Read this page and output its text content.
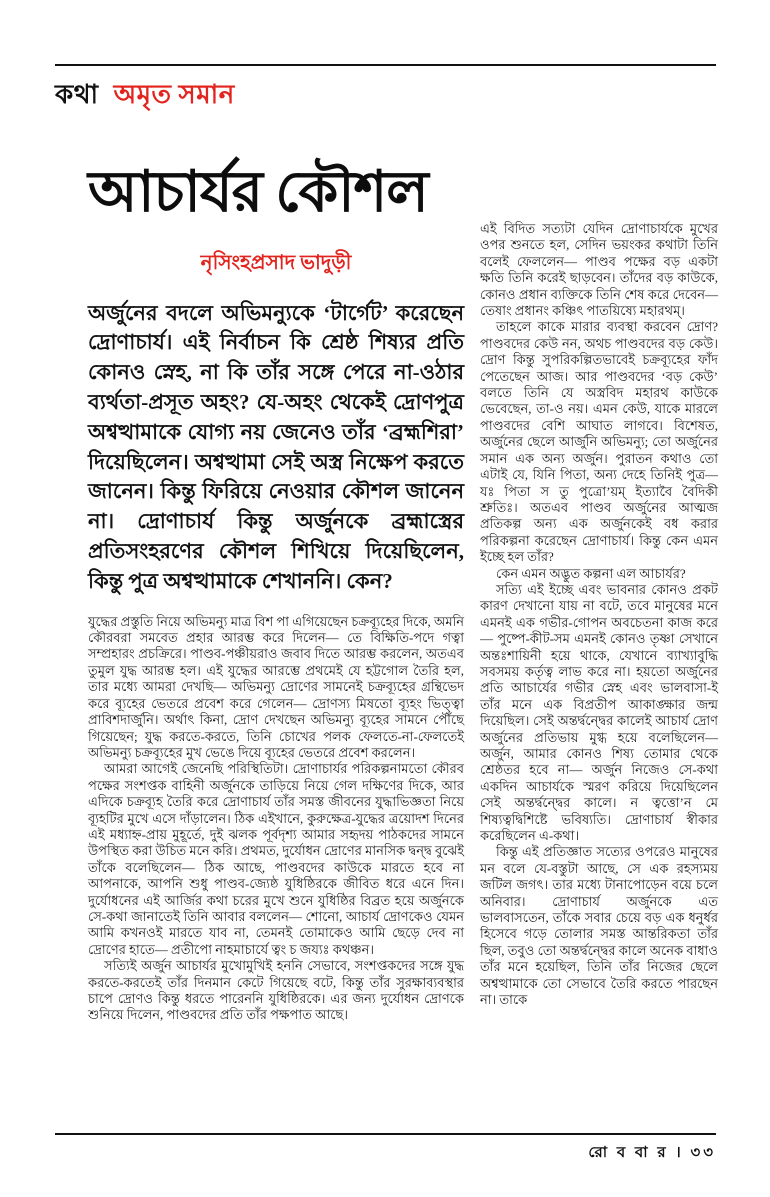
কথা অমৃত সমান
আচার্যর কৌশল
নৃসিংহপ্রসাদ ভাদুড়ী
অর্জুনের বদলে অভিমন্যুকে ‘টার্গেট’ করেছেন দ্রোণাচার্য। এই নির্বাচন কি শ্রেষ্ঠ শিষ্যর প্রতি কোনও স্নেহ, না কি তাঁর সঙ্গে পেরে না-ওঠার ব্যর্থতা-প্রসূত অহং? যে-অহং থেকেই দ্রোণপুত্র অশ্বত্থামাকে যোগ্য নয় জেনেও তাঁর ‘ব্রহ্মশিরা’ দিয়েছিলেন। অশ্বত্থামা সেই অস্ত্র নিক্ষেপ করতে জানেন। কিন্তু ফিরিয়ে নেওয়ার কৌশল জানেন না। দ্রোণাচার্য কিন্তু অর্জুনকে ব্রহ্মাস্ত্রের প্রতিসংহরণের কৌশল শিখিয়ে দিয়েছিলেন, কিন্তু পুত্র অশ্বত্থামাকে শেখাননি। কেন?

যুদ্ধের প্রস্তুতি নিয়ে অভিমন্যু মাত্র বিশ পা এগিয়েছেন চক্রব্যূহের দিকে, অমনি কৌরবরা সমবেত প্রহার আরম্ভ করে দিলেন— তে বিক্ষিতি-পদে গত্বা সম্প্রহারং প্রচক্রিরে। পাণ্ডব-পঞ্চীয়রাও জবাব দিতে আরম্ভ করলেন, অতএব তুমুল যুদ্ধ আরম্ভ হল। এই যুদ্ধের আরম্ভে প্রথমেই যে হট্টগোল তৈরি হল, তার মধ্যে আমরা দেখছি— অভিমন্যু দ্রোণের সামনেই চক্রব্যূহের গ্রন্থিভেদ করে ব্যূহের ভেতরে প্রবেশ করে গেলেন— দ্রোণস্য মিষতো ব্যূহং ভিত্ত্বা প্রাবিশদার্জুনি। অর্থাৎ কিনা, দ্রোণ দেখছেন অভিমন্যু ব্যূহের সামনে পৌঁছে গিয়েছেন; যুদ্ধ করতে-করতে, তিনি চোখের পলক ফেলতে-না-ফেলতেই অভিমন্যু চক্রব্যূহের মুখ ভেঙে দিয়ে ব্যূহের ভেতরে প্রবেশ করলেন।

আমরা আগেই জেনেছি পরিস্থিতিটা। দ্রোণাচার্যর পরিকল্পনামতো কৌরব পক্ষের সংশপ্তক বাহিনী অর্জুনকে তাড়িয়ে নিয়ে গেল দক্ষিণের দিকে, আর এদিকে চক্রব্যূহ তৈরি করে দ্রোণাচার্য তাঁর সমস্ত জীবনের যুদ্ধাভিজ্ঞতা নিয়ে ব্যূহটির মুখে এসে দাঁড়ালেন। ঠিক এইখানে, কুরুক্ষেত্র-যুদ্ধের ত্রয়োদশ দিনের এই মধ্যাহ্ন-প্রায় মুহূর্তে, দুই ঝলক পূর্বদৃশ্য আমার সহৃদয় পাঠকদের সামনে উপস্থিত করা উচিত মনে করি। প্রথমত, দুর্যোধন দ্রোণের মানসিক দ্বন্দ্ব বুঝেই তাঁকে বলেছিলেন— ঠিক আছে, পাণ্ডবদের কাউকে মারতে হবে না আপনাকে, আপনি শুধু পাণ্ডব-জ্যেষ্ঠ যুধিষ্ঠিরকে জীবিত ধরে এনে দিন। দুর্যোধনের এই আর্জির কথা চরের মুখে শুনে যুধিষ্ঠির বিব্রত হয়ে অর্জুনকে সে-কথা জানাতেই তিনি আবার বললেন— শোনো, আচার্য দ্রোণকেও যেমন আমি কখনওই মারতে যাব না, তেমনই তোমাকেও আমি ছেড়ে দেব না দ্রোণের হাতে— প্রতীপো নাহমাচার্যে ত্বং চ জয্যঃ কথঞ্চন।

সত্যিই অর্জুন আচার্যর মুখোমুখিই হননি সেভাবে, সংশপ্তকদের সঙ্গে যুদ্ধ করতে-করতেই তাঁর দিনমান কেটে গিয়েছে বটে, কিন্তু তাঁর সুরক্ষাব্যবস্থার চাপে দ্রোণও কিন্তু ধরতে পারেননি যুধিষ্ঠিরকে। এর জন্য দুর্যোধন দ্রোণকে শুনিয়ে দিলেন, পাণ্ডবদের প্রতি তাঁর পক্ষপাত আছে।

এই বিদিত সত্যটা যেদিন দ্রোণাচার্যকে মুখের ওপর শুনতে হল, সেদিন ভয়ংকর কথাটা তিনি বলেই ফেললেন— পাণ্ডব পক্ষের বড় একটা ক্ষতি তিনি করেই ছাড়বেন। তাঁদের বড় কাউকে, কোনও প্রধান ব্যক্তিকে তিনি শেষ করে দেবেন— তেষাং প্রধানং কঞ্চিৎ পাতয়িষ্যে মহারথম্।

তাহলে কাকে মারার ব্যবস্থা করবেন দ্রোণ? পাণ্ডবদের কেউ নন, অথচ পাণ্ডবদের বড় কেউ। দ্রোণ কিন্তু সুপরিকল্পিতভাবেই চক্রব্যূহের ফাঁদ পেতেছেন আজ। আর পাণ্ডবদের ‘বড় কেউ’ বলতে তিনি যে অস্ত্রবিদ মহারথ কাউকে ভেবেছেন, তা-ও নয়। এমন কেউ, যাকে মারলে পাণ্ডবদের বেশি আঘাত লাগবে। বিশেষত, অর্জুনের ছেলে আর্জুনি অভিমন্যু; তো অর্জুনের সমান এক অন্য অর্জুন। পুরাতন কথাও তো এটাই যে, যিনি পিতা, অন্য দেহে তিনিই পুত্র— যঃ পিতা স তু পুত্রো’য়ম্ ইত্যাবৈ বৈদিকী শ্রুতিঃ। অতএব পাণ্ডব অর্জুনের আত্মজ প্রতিকল্প অন্য এক অর্জুনকেই বধ করার পরিকল্পনা করেছেন দ্রোণাচার্য। কিন্তু কেন এমন ইচ্ছে হল তাঁর?

কেন এমন অদ্ভুত কল্পনা এল আচার্যর?

সত্যি এই ইচ্ছে এবং ভাবনার কোনও প্রকট কারণ দেখানো যায় না বটে, তবে মানুষের মনে এমনই এক গভীর-গোপন অবচেতনা কাজ করে— পুষ্পে-কীট-সম এমনই কোনও তৃষ্ণা সেখানে অন্তঃশায়িনী হয়ে থাকে, যেখানে ব্যাখ্যাবুদ্ধি সবসময় কর্তৃত্ব লাভ করে না। হয়তো অর্জুনের প্রতি আচার্যের গভীর স্নেহ এবং ভালবাসা-ই তাঁর মনে এক বিপ্রতীপ আকাঙ্ক্ষার জন্ম দিয়েছিল। সেই অন্তর্দ্বন্দ্বের কালেই আচার্য দ্রোণ অর্জুনের প্রতিভায় মুগ্ধ হয়ে বলেছিলেন— অর্জুন, আমার কোনও শিষ্য তোমার থেকে শ্রেষ্ঠতর হবে না— অর্জুন নিজেও সে-কথা একদিন আচার্যকে স্মরণ করিয়ে দিয়েছিলেন সেই অন্তর্দ্বন্দ্বের কালে। ন ত্বত্তো’ন মে শিষ্যত্বদ্বিশিষ্টে ভবিষ্যতি। দ্রোণাচার্য স্বীকার করেছিলেন এ-কথা।

কিন্তু এই প্রতিজ্ঞাত সত্যের ওপরেও মানুষের মন বলে যে-বস্তুটা আছে, সে এক রহস্যময় জটিল জগৎ। তার মধ্যে টানাপোড়েন বয়ে চলে অনিবার। দ্রোণাচার্য অর্জুনকে এত ভালবাসতেন, তাঁকে সবার চেয়ে বড় এক ধনুর্ধর হিসেবে গড়ে তোলার সমস্ত আন্তরিকতা তাঁর ছিল, তবুও তো অন্তর্দ্বন্দ্বের কালে অনেক বাধাও তাঁর মনে হয়েছিল, তিনি তাঁর নিজের ছেলে অশ্বত্থামাকে তো সেভাবে তৈরি করতে পারছেন না। তাকে

রো ব বা র । ৩৩
